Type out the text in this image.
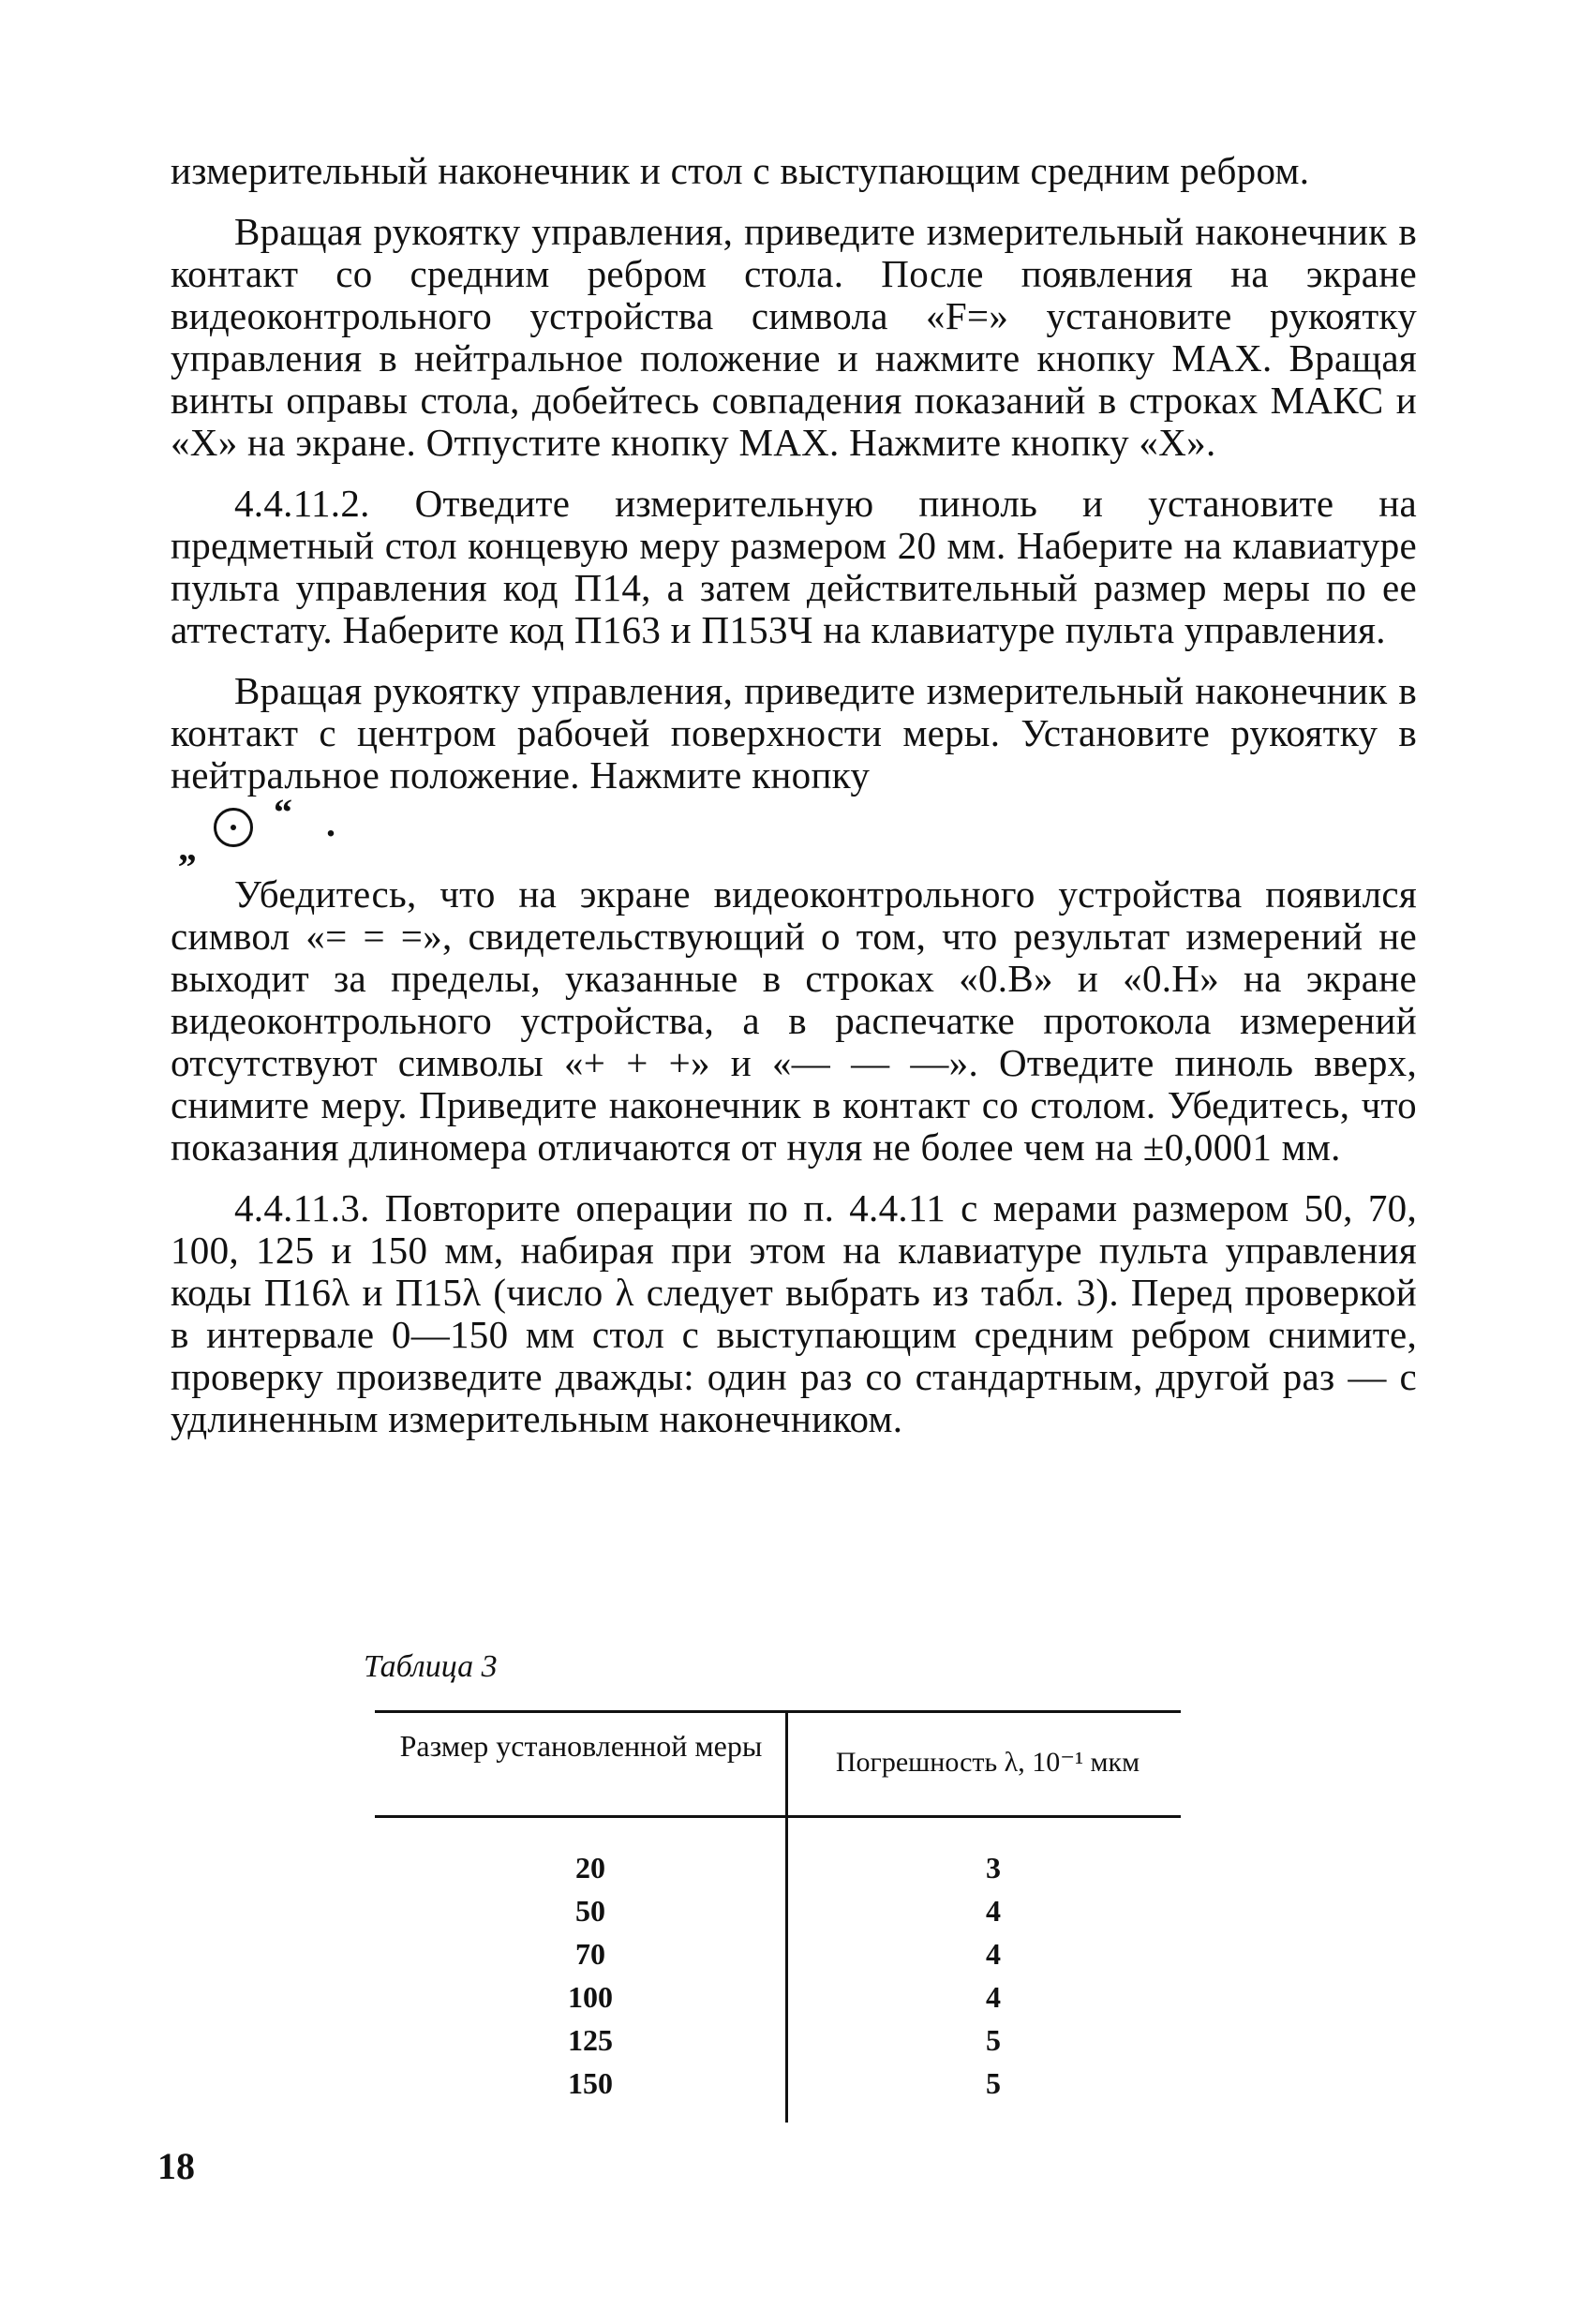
измерительный наконечник и стол с выступающим средним ребром.

Вращая рукоятку управления, приведите измерительный наконечник в контакт со средним ребром стола. После появления на экране видеоконтрольного устройства символа «F=» установите рукоятку управления в нейтральное положение и нажмите кнопку МАХ. Вращая винты оправы стола, добейтесь совпадения показаний в строках МАКС и «Х» на экране. Отпустите кнопку МАХ. Нажмите кнопку «Х».

4.4.11.2. Отведите измерительную пиноль и установите на предметный стол концевую меру размером 20 мм. Наберите на клавиатуре пульта управления код П14, а затем действительный размер меры по ее аттестату. Наберите код П163 и П153Ч на клавиатуре пульта управления.

Вращая рукоятку управления, приведите измерительный наконечник в контакт с центром рабочей поверхности меры. Установите рукоятку в нейтральное положение. Нажмите кнопку

„
“ .

Убедитесь, что на экране видеоконтрольного устройства появился символ «= = =», свидетельствующий о том, что результат измерений не выходит за пределы, указанные в строках «0.В» и «0.Н» на экране видеоконтрольного устройства, а в распечатке протокола измерений отсутствуют символы «+ + +» и «— — —». Отведите пиноль вверх, снимите меру. Приведите наконечник в контакт со столом. Убедитесь, что показания длиномера отличаются от нуля не более чем на ±0,0001 мм.

4.4.11.3. Повторите операции по п. 4.4.11 с мерами размером 50, 70, 100, 125 и 150 мм, набирая при этом на клавиатуре пульта управления коды П16λ и П15λ (число λ следует выбрать из табл. 3). Перед проверкой в интервале 0—150 мм стол с выступающим средним ребром снимите, проверку произведите дважды: один раз со стандартным, другой раз — с удлиненным измерительным наконечником.

Таблица 3
Размер установленной меры	Погрешность λ, 10⁻¹ мкм
20	3
50	4
70	4
100	4
125	5
150	5
18
